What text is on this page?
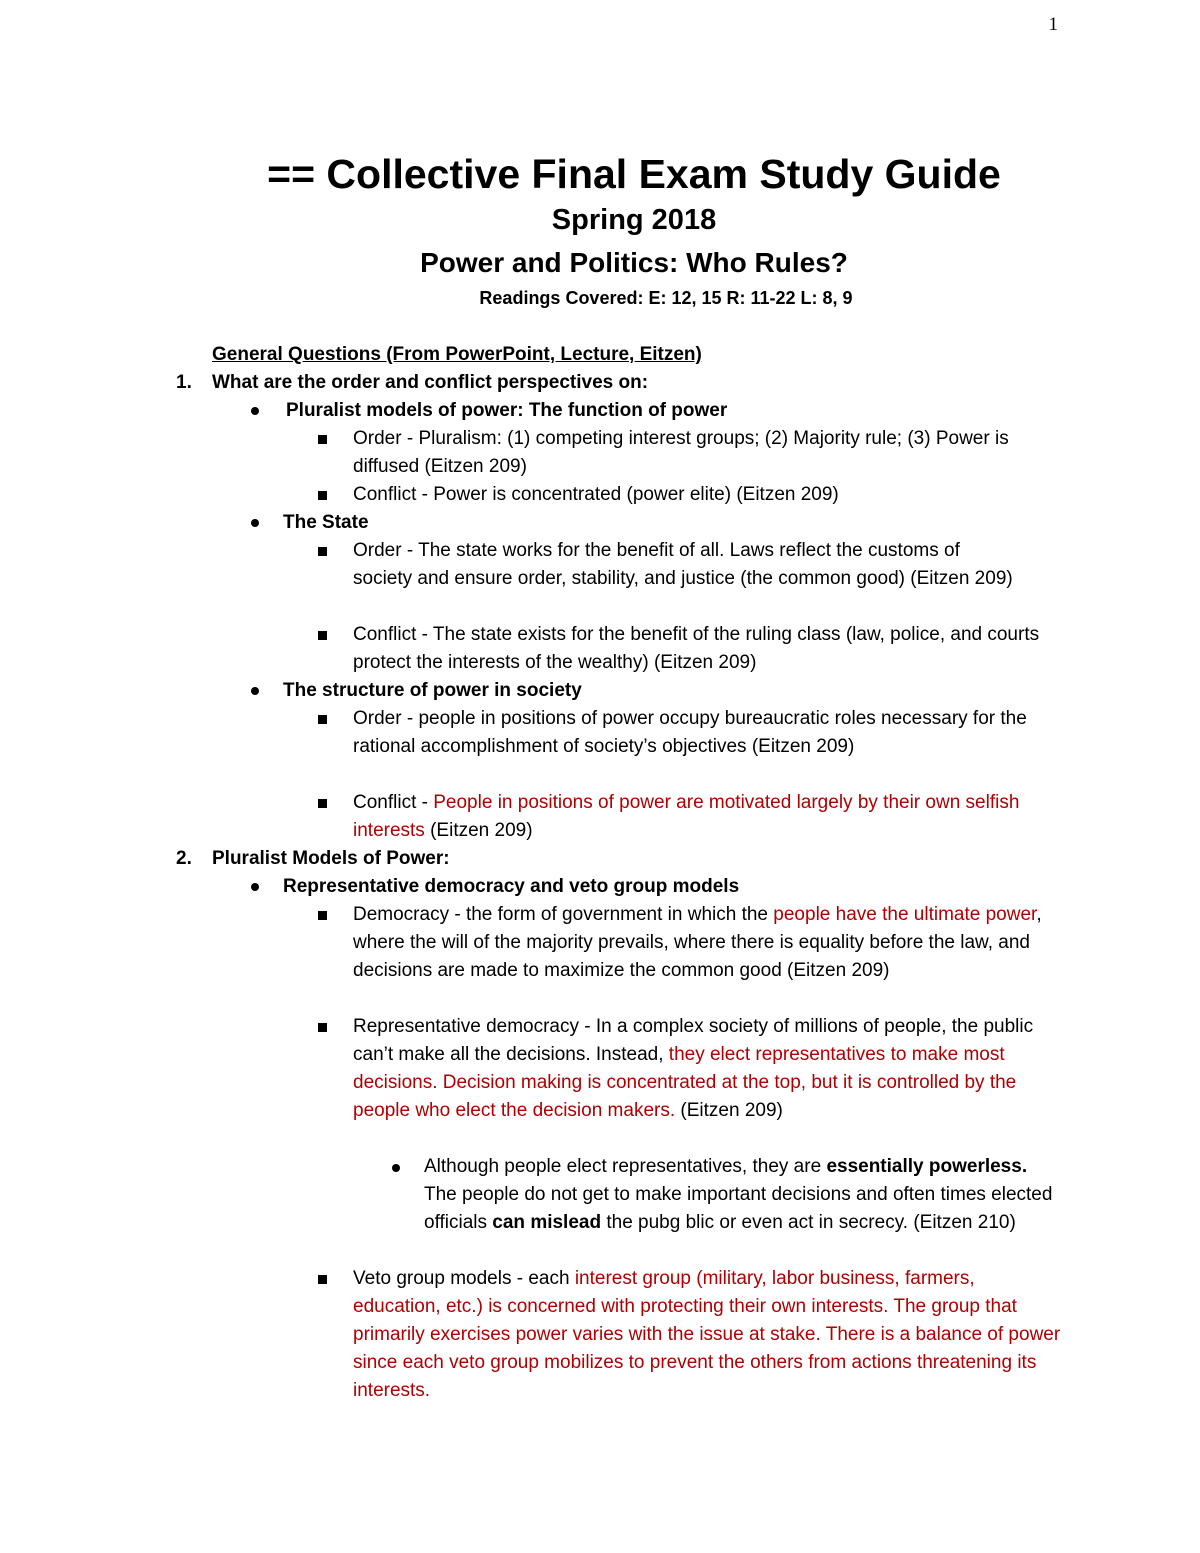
1
== Collective Final Exam Study Guide
Spring 2018
Power and Politics: Who Rules?
Readings Covered: E: 12, 15 R: 11-22 L: 8, 9
General Questions (From PowerPoint, Lecture, Eitzen)
1. What are the order and conflict perspectives on:
Pluralist models of power: The function of power
Order - Pluralism: (1) competing interest groups; (2) Majority rule; (3) Power is diffused (Eitzen 209)
Conflict - Power is concentrated (power elite) (Eitzen 209)
The State
Order - The state works for the benefit of all. Laws reflect the customs of society and ensure order, stability, and justice (the common good) (Eitzen 209)
Conflict - The state exists for the benefit of the ruling class (law, police, and courts protect the interests of the wealthy) (Eitzen 209)
The structure of power in society
Order - people in positions of power occupy bureaucratic roles necessary for the rational accomplishment of society’s objectives (Eitzen 209)
Conflict - People in positions of power are motivated largely by their own selfish interests (Eitzen 209)
2. Pluralist Models of Power:
Representative democracy and veto group models
Democracy - the form of government in which the people have the ultimate power, where the will of the majority prevails, where there is equality before the law, and decisions are made to maximize the common good (Eitzen 209)
Representative democracy - In a complex society of millions of people, the public can’t make all the decisions. Instead, they elect representatives to make most decisions. Decision making is concentrated at the top, but it is controlled by the people who elect the decision makers. (Eitzen 209)
Although people elect representatives, they are essentially powerless. The people do not get to make important decisions and often times elected officials can mislead the pubg blic or even act in secrecy. (Eitzen 210)
Veto group models - each interest group (military, labor business, farmers, education, etc.) is concerned with protecting their own interests. The group that primarily exercises power varies with the issue at stake. There is a balance of power since each veto group mobilizes to prevent the others from actions threatening its interests.
